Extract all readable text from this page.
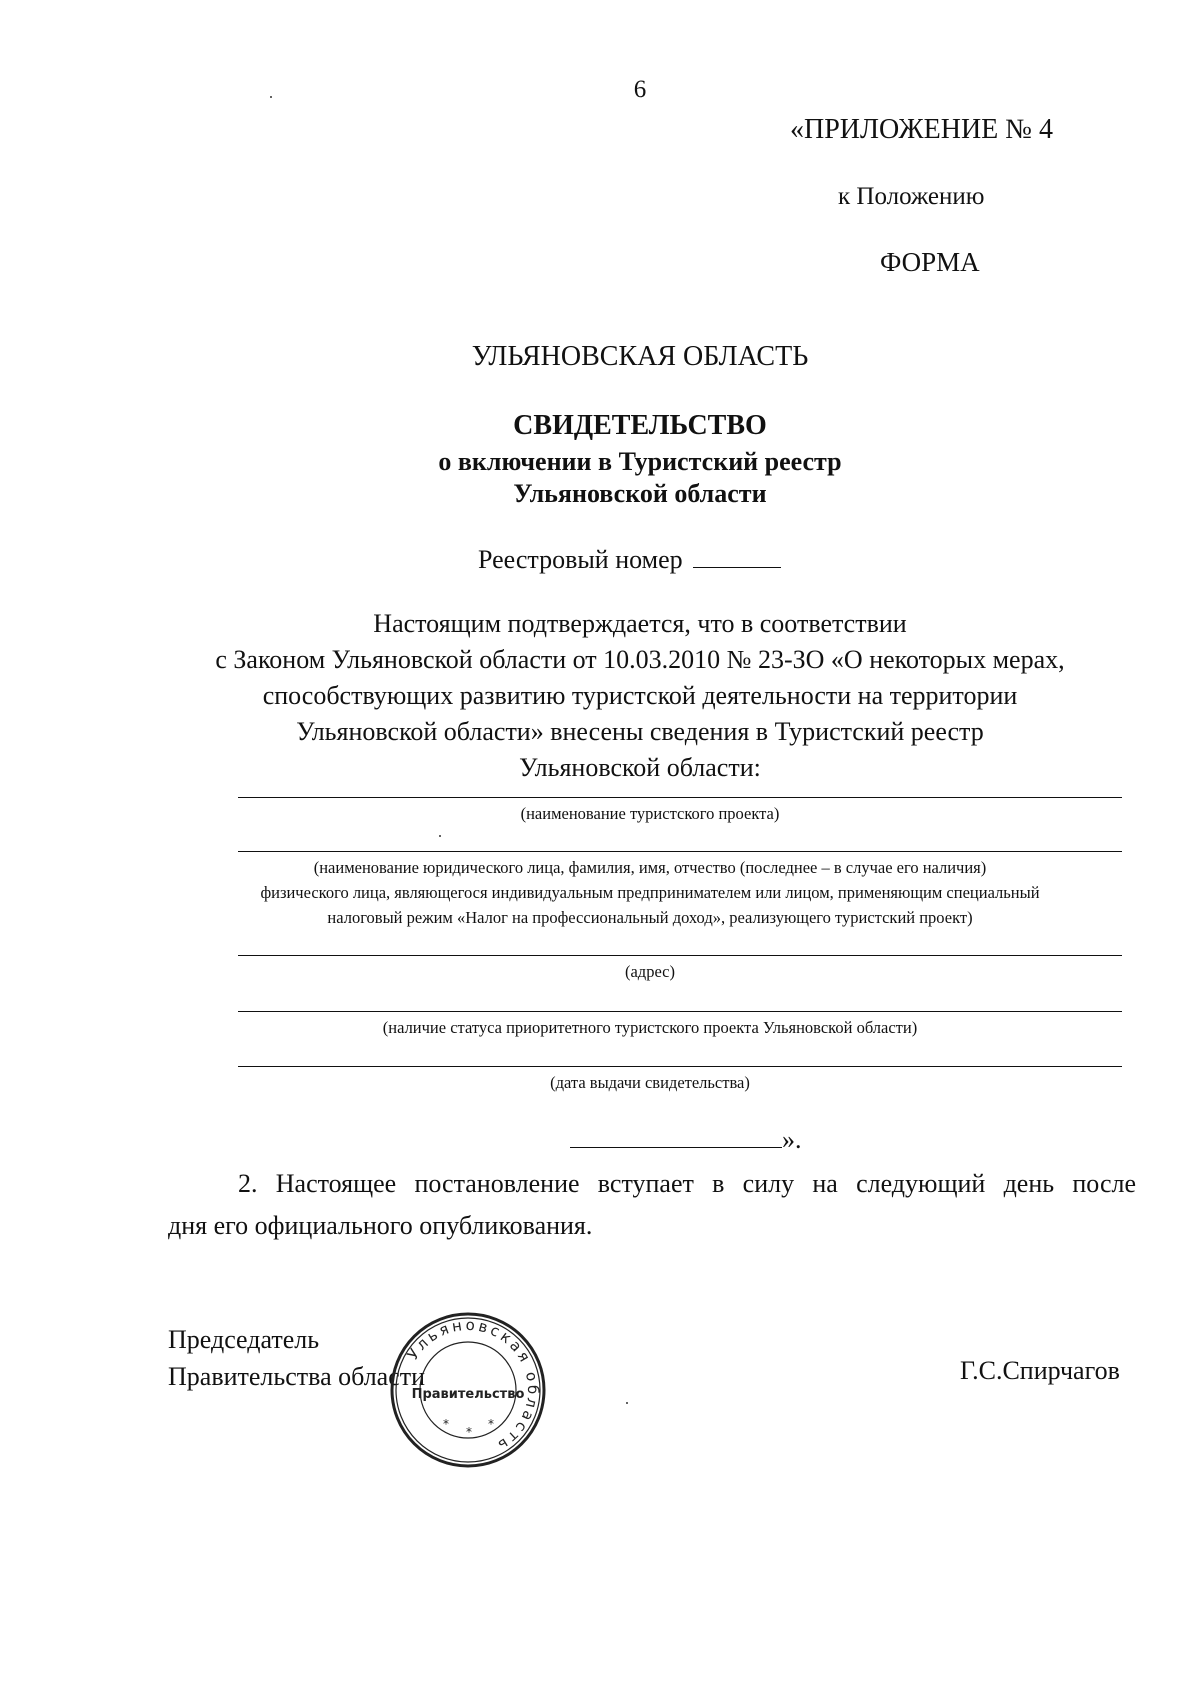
6
«ПРИЛОЖЕНИЕ № 4
к Положению
ФОРМА
УЛЬЯНОВСКАЯ ОБЛАСТЬ
СВИДЕТЕЛЬСТВО
о включении в Туристский реестр
Ульяновской области
Реестровый номер
Настоящим подтверждается, что в соответствии
с Законом Ульяновской области от 10.03.2010 № 23-ЗО «О некоторых мерах,
способствующих развитию туристской деятельности на территории
Ульяновской области» внесены сведения в Туристский реестр
Ульяновской области:
(наименование туристского проекта)
(наименование юридического лица, фамилия, имя, отчество (последнее – в случае его наличия)
физического лица, являющегося индивидуальным предпринимателем или лицом, применяющим специальный
налоговый режим «Налог на профессиональный доход», реализующего туристский проект)
(адрес)
(наличие статуса приоритетного туристского проекта Ульяновской области)
(дата выдачи свидетельства)
».
2. Настоящее постановление вступает в силу на следующий день после
дня его официального опубликования.
Председатель
Правительства области	Г.С.Спирчагов
Ульяновская область
Правительство
*
*
*
